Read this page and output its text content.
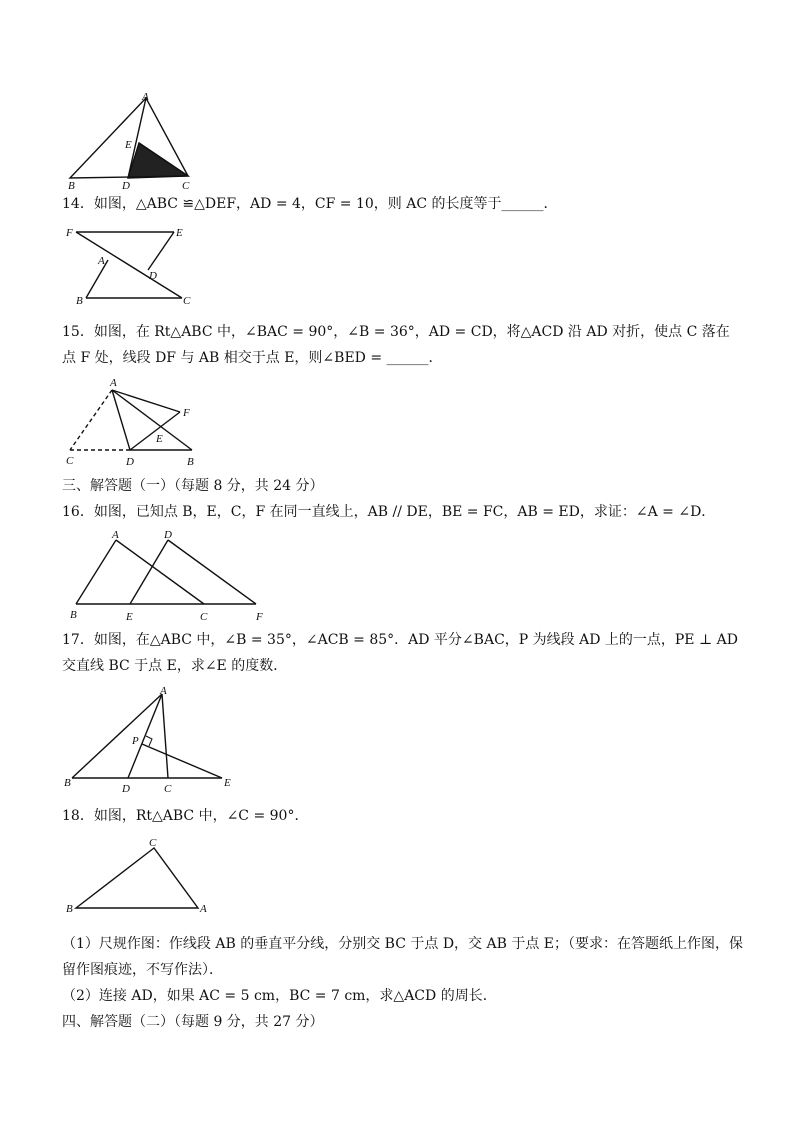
A
E
B	D	C
14．如图，△ABC ≌△DEF，AD = 4，CF = 10，则 AC 的长度等于______．
F	E
A
D
B	C
15．如图，在 Rt△ABC 中，∠BAC = 90°，∠B = 36°，AD = CD，将△ACD 沿 AD 对折，使点 C 落在
点 F 处，线段 DF 与 AB 相交于点 E，则∠BED = ______．
A
F
E
C	D	B
三、解答题（一）（每题 8 分，共 24 分）
16．如图，已知点 B，E，C，F 在同一直线上，AB // DE，BE = FC，AB = ED，求证：∠A = ∠D．
A	D
B	E	C	F
17．如图，在△ABC 中，∠B = 35°，∠ACB = 85°．AD 平分∠BAC，P 为线段 AD 上的一点，PE ⊥ AD
交直线 BC 于点 E，求∠E 的度数．
A
P
B	D	C	E
18．如图，Rt△ABC 中，∠C = 90°．
C
B	A
（1）尺规作图：作线段 AB 的垂直平分线，分别交 BC 于点 D，交 AB 于点 E；（要求：在答题纸上作图，保
留作图痕迹，不写作法）．
（2）连接 AD，如果 AC = 5 cm，BC = 7 cm，求△ACD 的周长．
四、解答题（二）（每题 9 分，共 27 分）
